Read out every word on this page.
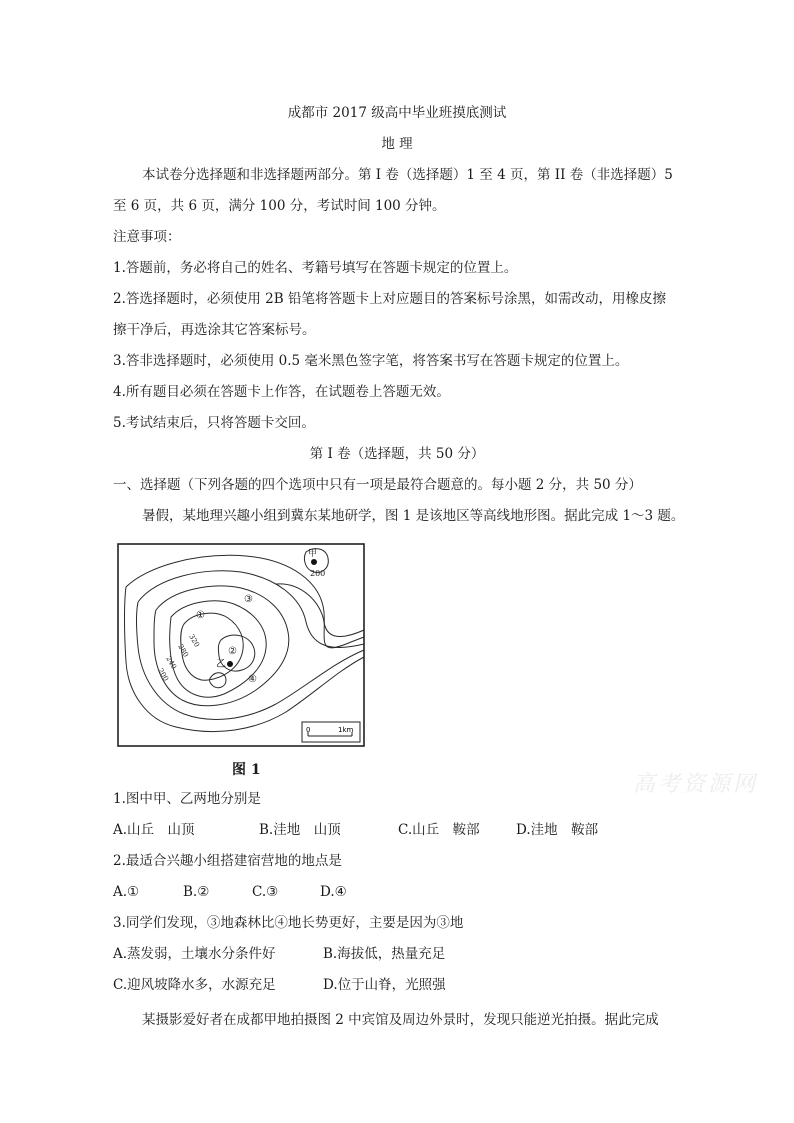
成都市 2017 级高中毕业班摸底测试
地 理
本试卷分选择题和非选择题两部分。第 I 卷（选择题）1 至 4 页，第 II 卷（非选择题）5
至 6 页，共 6 页，满分 100 分，考试时间 100 分钟。
注意事项：
1.答题前，务必将自己的姓名、考籍号填写在答题卡规定的位置上。
2.答选择题时，必须使用 2B 铅笔将答题卡上对应题目的答案标号涂黑，如需改动，用橡皮擦
擦干净后，再选涂其它答案标号。
3.答非选择题时，必须使用 0.5 毫米黑色签字笔，将答案书写在答题卡规定的位置上。
4.所有题目必须在答题卡上作答，在试题卷上答题无效。
5.考试结束后，只将答题卡交回。
第 I 卷（选择题，共 50 分）
一、选择题（下列各题的四个选项中只有一项是最符合题意的。每小题 2 分，共 50 分）
暑假，某地理兴趣小组到冀东某地研学，图 1 是该地区等高线地形图。据此完成 1～3 题。
甲
200
乙
①
②
③
④
320
280
240
200
0	1km
图 1
高考资源网
1.图中甲、乙两地分别是
A.山丘　山顶	B.洼地　山顶	C.山丘　鞍部	D.洼地　鞍部
2.最适合兴趣小组搭建宿营地的地点是
A.①	B.②	C.③	D.④
3.同学们发现，③地森林比④地长势更好，主要是因为③地
A.蒸发弱，土壤水分条件好	B.海拔低，热量充足
C.迎风坡降水多，水源充足	D.位于山脊，光照强
某摄影爱好者在成都甲地拍摄图 2 中宾馆及周边外景时，发现只能逆光拍摄。据此完成
